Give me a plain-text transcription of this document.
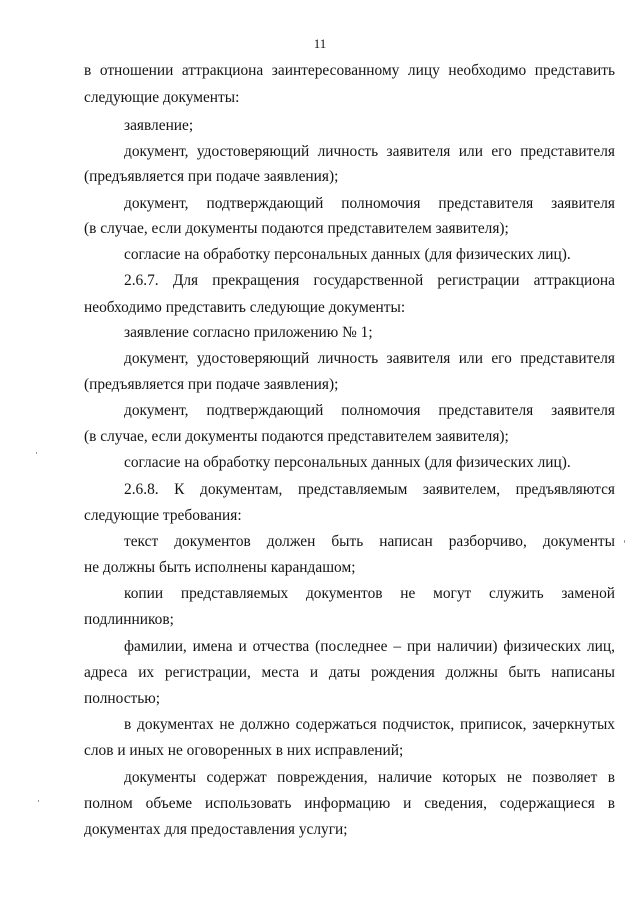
11
в отношении аттракциона заинтересованному лицу необходимо представить
следующие документы:
заявление;
документ, удостоверяющий личность заявителя или его представителя
(предъявляется при подаче заявления);
документ, подтверждающий полномочия представителя заявителя
(в случае, если документы подаются представителем заявителя);
согласие на обработку персональных данных (для физических лиц).
2.6.7. Для прекращения государственной регистрации аттракциона
необходимо представить следующие документы:
заявление согласно приложению № 1;
документ, удостоверяющий личность заявителя или его представителя
(предъявляется при подаче заявления);
документ, подтверждающий полномочия представителя заявителя
(в случае, если документы подаются представителем заявителя);
согласие на обработку персональных данных (для физических лиц).
2.6.8. К документам, представляемым заявителем, предъявляются
следующие требования:
текст документов должен быть написан разборчиво, документы
не должны быть исполнены карандашом;
копии представляемых документов не могут служить заменой
подлинников;
фамилии, имена и отчества (последнее – при наличии) физических лиц,
адреса их регистрации, места и даты рождения должны быть написаны
полностью;
в документах не должно содержаться подчисток, приписок, зачеркнутых
слов и иных не оговоренных в них исправлений;
документы содержат повреждения, наличие которых не позволяет в
полном объеме использовать информацию и сведения, содержащиеся в
документах для предоставления услуги;
